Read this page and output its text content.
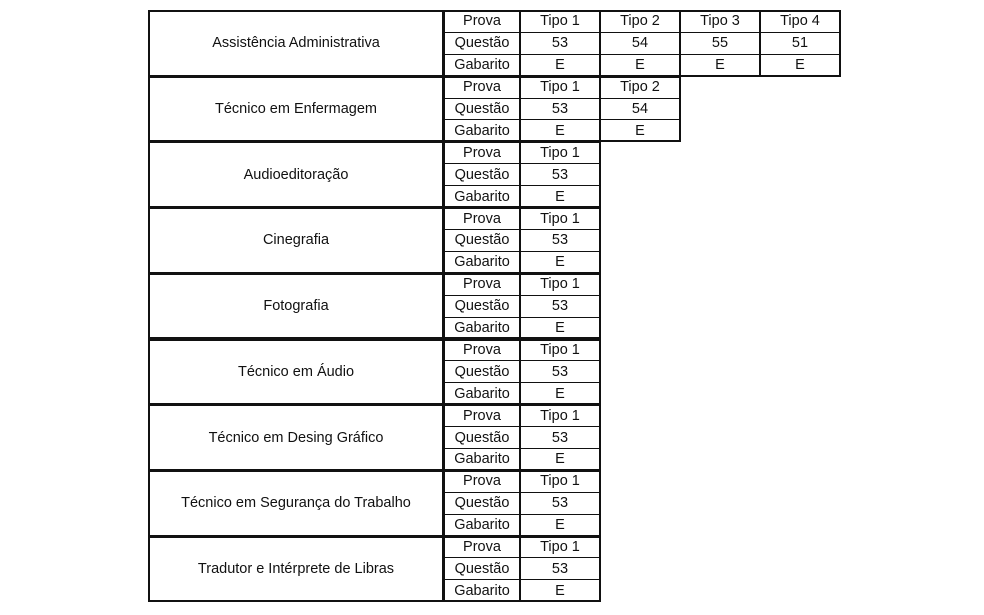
Assistência Administrativa
Prova	Tipo 1	Tipo 2	Tipo 3	Tipo 4
Questão	53	54	55	51
Gabarito	E	E	E	E
Técnico em Enfermagem
Prova	Tipo 1	Tipo 2
Questão	53	54
Gabarito	E	E
Audioeditoração
Prova	Tipo 1
Questão	53
Gabarito	E
Cinegrafia
Prova	Tipo 1
Questão	53
Gabarito	E
Fotografia
Prova	Tipo 1
Questão	53
Gabarito	E
Técnico em Áudio
Prova	Tipo 1
Questão	53
Gabarito	E
Técnico em Desing Gráfico
Prova	Tipo 1
Questão	53
Gabarito	E
Técnico em Segurança do Trabalho
Prova	Tipo 1
Questão	53
Gabarito	E
Tradutor e Intérprete de Libras
Prova	Tipo 1
Questão	53
Gabarito	E
